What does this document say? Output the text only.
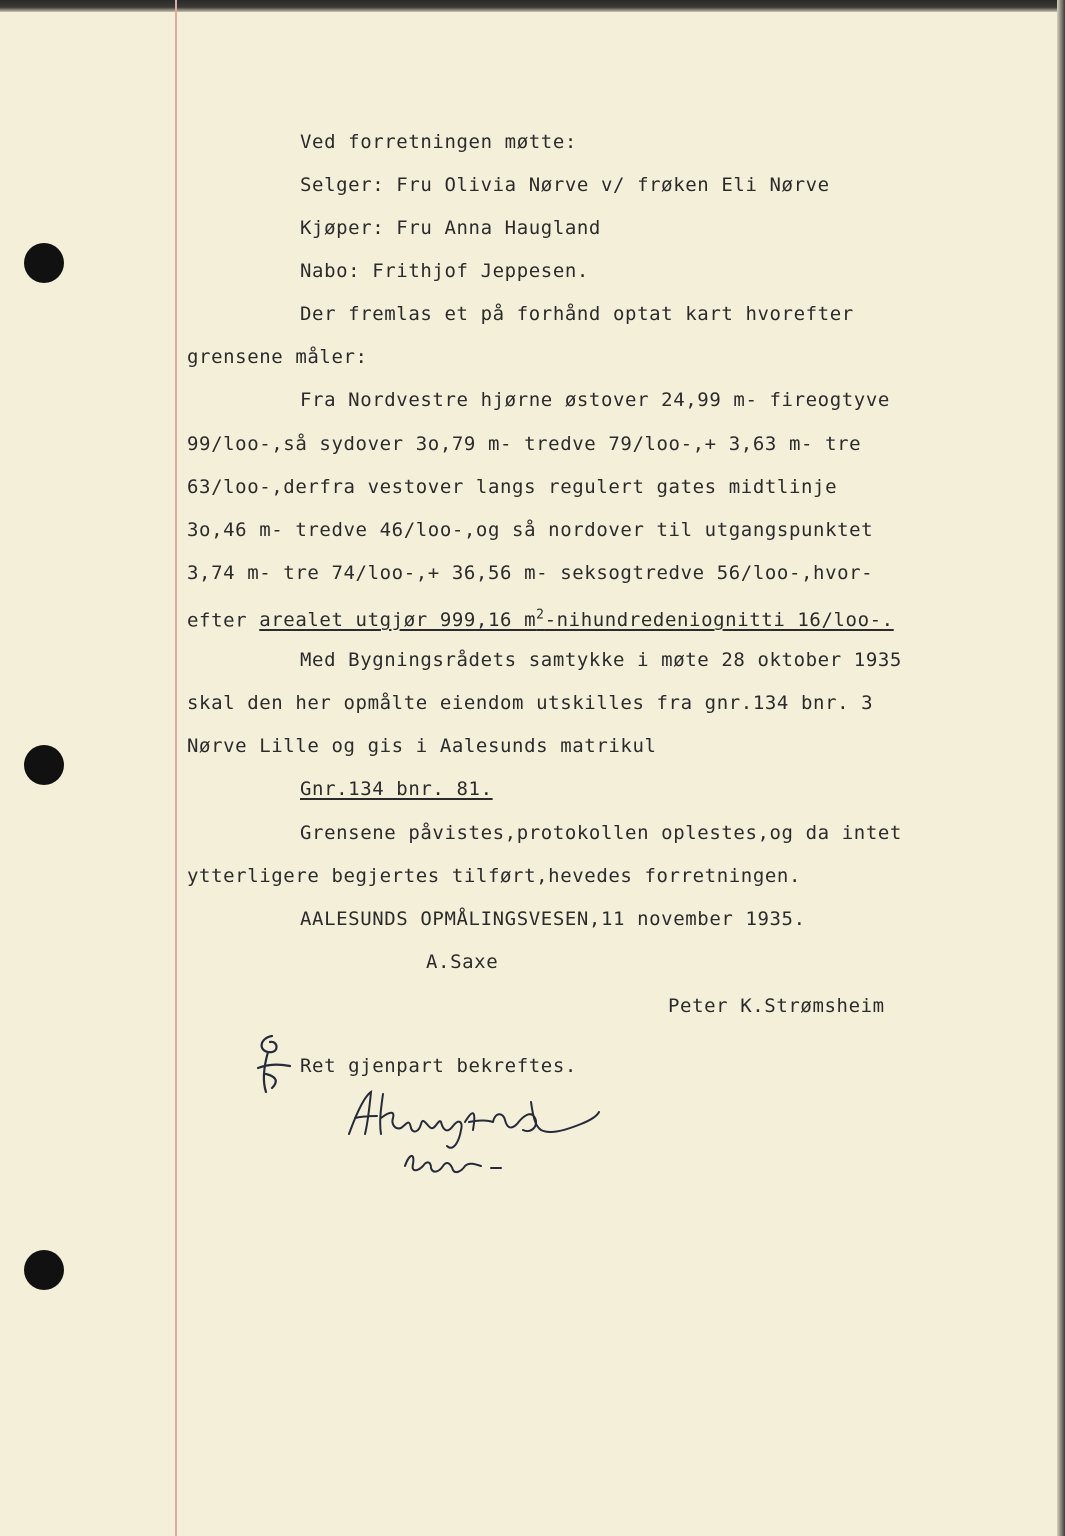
Ved forretningen møtte:

Selger: Fru Olivia Nørve v/ frøken Eli Nørve

Kjøper: Fru Anna Haugland

Nabo: Frithjof Jeppesen.

Der fremlas et på forhånd optat kart hvorefter

grensene måler:

Fra Nordvestre hjørne østover 24,99 m- fireogtyve

99/loo-,så sydover 3o,79 m- tredve 79/loo-,+ 3,63 m- tre

63/loo-,derfra vestover langs regulert gates midtlinje

3o,46 m- tredve 46/loo-,og så nordover til utgangspunktet

3,74 m- tre 74/loo-,+ 36,56 m- seksogtredve 56/loo-,hvor-

efter arealet utgjør 999,16 $m^2$-nihundredeniognitti 16/loo-.

Med Bygningsrådets samtykke i møte 28 oktober 1935

skal den her opmålte eiendom utskilles fra gnr.134 bnr. 3

Nørve Lille og gis i Aalesunds matrikul

Gnr.134 bnr. 81.

Grensene påvistes,protokollen oplestes,og da intet

ytterligere begjertes tilført,hevedes forretningen.

AALESUNDS OPMÅLINGSVESEN,11 november 1935.

A.Saxe

Peter K.Strømsheim

Ret gjenpart bekreftes.
